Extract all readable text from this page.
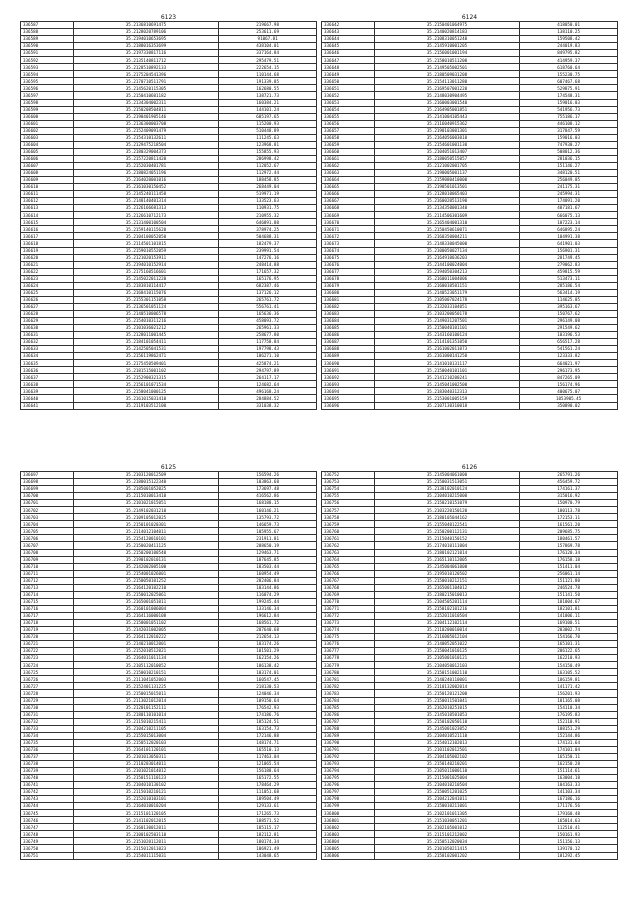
6123
336587	35.2136810691475	219667.98
336588	35.2128020789106	253611.69
336589	35.2194010653695	91067.81
336590	35.2188016353699	438104.01
336591	35.2197330817116	337164.84
336592	35.2135140811712	295479.51
336593	35.2128510892133	222654.15
336594	35.2175204541396	110144.68
336595	35.2170710511791	191339.85
336596	35.2145620115305	162680.55
336597	35.2150410601182	138721.73
336598	35.2134304002311	160384.21
336599	35.2150208504811	144101.24
336600	35.2190401905146	605197.65
336601	35.2136300003708	115200.93
336602	35.2152409091479	510448.89
336603	35.2154310132611	111245.63
336604	35.2129475218504	123968.81
336605	35.2180329004373	155855.93
336606	35.2157220811420	286998.42
336607	35.2152030401781	112052.67
336608	35.2180824051196	112972.44
336609	35.2164020001016	188458.85
336610	35.2161030150452	268449.04
336611	35.2145240111458	519971.19
336612	35.2148140401314	133523.63
336613	35.2126166681313	110931.75
336614	35.2126610712173	210955.32
336615	35.2131400100504	646891.88
336616	35.2159140115620	378974.25
336617	35.2104100052050	504688.31
336618	35.2114501101815	182479.37
336619	35.2159010552059	239991.54
336620	35.2121020153911	147276.16
336621	35.2194010152914	248414.88
336622	35.2175160516601	171657.32
336623	35.2145022011220	165176.95
336624	35.2183810114417	682387.46
336625	35.2168410115076	137126.12
336626	35.2155301151058	265761.72
336627	35.2136501051124	556761.41
336628	35.2140510006578	165636.36
336629	35.2154010311216	458093.72
336630	35.2101036021212	265961.33
336631	35.2128011001445	258677.80
336632	35.2184101054411	117758.84
336633	35.2142505041531	197798.43
336634	35.2156119862471	106271.10
336635	35.2175450509401	425874.21
336636	35.2181515001102	294797.89
336637	35.2152900321315	264117.17
336638	35.2156101071534	124682.64
336639	35.2158041000125	496168.24
336640	35.2161015031410	284884.52
336641	35.2119103512100	331038.32
6124
336642	35.2150401064975	418050.01
336643	35.2140020814183	138110.25
336644	35.2108310051240	159508.42
336645	35.2145910001205	244019.83
336646	35.2156001001194	849795.82
336647	35.2158010511200	414959.37
336648	35.2149505002501	618760.64
336649	35.2180509031208	155230.75
336650	35.2154113011280	607467.68
336651	35.2169507001220	529875.91
336652	35.2148030904495	174548.31
336653	35.2160003001540	159016.03
336654	35.2164905001851	541956.73
336655	35.2141004105443	755186.17
336656	35.2116040915362	446108.12
336657	35.2190103001301	317847.59
336658	35.2164056003010	159016.03
336659	35.2154601001130	747930.27
336660	35.2104051013407	508012.36
336661	35.2180050515057	281036.15
336662	35.2121002001705	151146.27
336663	35.2190005001137	348120.51
336664	35.2159080410000	256049.05
336665	35.2190501013501	241175.31
336666	35.2128010065403	245994.31
336667	35.2160020513190	174091.20
336668	35.2134350001340	407181.67
336669	35.2114506301609	666075.13
336670	35.2165404001310	107223.14
336671	35.2150450610071	646895.24
336672	35.2160350004211	104991.38
336673	35.2148330045000	641901.03
336674	35.2100050027134	156901.31
336675	35.2164910036203	281749.45
336676	35.2144100024004	279062.83
336677	35.2194050304213	459815.59
336678	35.2160011004006	513473.11
336679	35.2160010501151	285186.54
336680	35.2140523051179	563414.19
336681	35.2105007024178	114625.05
336682	35.2132033104051	395163.67
336683	35.2103200050178	150767.62
336684	35.2149031207501	296149.08
336685	35.2150040101101	291549.62
336686	35.2143160100124	103196.53
336687	35.2114101351050	656517.28
336688	35.2161002011073	541561.24
336689	35.2161000141250	123333.82
336690	35.2141010131117	664021.97
336691	35.2150040101101	296173.95
336692	35.2141210200241	847265.09
336693	35.2145041002500	156174.96
336694	35.2183040312313	400675.07
336695	35.2153001005159	1053905.45
336696	35.2107130310018	350890.02
6125
336697	35.2103120012509	156594.26
336698	35.2180015122340	103863.68
336699	35.2185001052025	173697.48
336700	35.2115010013410	416562.86
336701	35.2101021015051	168188.15
336702	35.2149102031210	160146.21
336703	35.2109105012025	135793.72
336704	35.2150101020301	146659.73
336705	35.2114012104011	105955.67
336706	35.2154120010101	231911.81
336707	35.2150020411125	208650.19
336708	35.2150200100540	129463.71
336709	35.2190102010131	187645.85
336710	35.2142002005100	183503.44
336711	35.2154001026001	160954.49
336712	35.2150050101252	282406.84
336713	35.2164120102210	103144.86
336714	35.2150012025061	116074.29
336715	35.2165001051011	199245.44
336716	35.2160101006004	133146.34
336717	35.2164116000108	196612.84
336718	35.2150001051102	168561.72
336719	35.2142031002005	207640.68
336720	35.2164112010222	212654.13
336721	35.2140210012001	103174.26
336722	35.2152010512021	101501.29
336723	35.2164011011134	162154.26
336724	35.2105112010052	106138.42
336725	35.2150010210151	103174.01
336726	35.2111041052003	160547.45
336727	35.2152401131225	218130.53
336728	35.2150015015011	124046.34
336729	35.2113021012014	109150.64
336730	35.2120101152111	176542.93
336731	35.2180110101014	174186.76
336732	35.2115010215411	185124.51
336733	35.2104210211105	163154.73
336734	35.2155015013004	172146.88
336735	35.2150512020103	148174.71
336736	35.2164101120101	165510.13
336737	35.2101013050311	117463.04
336738	35.2110203014011	121065.54
336739	35.2101021014012	156188.64
336740	35.2150151110123	165172.55
336741	35.2104010130102	178464.29
336742	35.2115010210121	111051.68
336743	35.2152010103101	109504.49
336744	35.2164010010204	129133.61
336745	35.2115101120105	171265.73
336746	35.2141102012015	188571.52
336747	35.2160130012011	185115.17
336748	35.2100102503110	182112.81
336749	35.2151020112011	180174.34
336750	35.2115012011023	106921.49
336751	35.2154011115031	143048.65
6126
336752	35.2145004061000	265791.26
336753	35.2150031513051	456459.72
336754	35.2130102010124	174161.37
336755	35.2104010215000	315016.92
336756	35.2150210151079	150970.79
336757	35.2103220150120	180113.78
336758	35.2180105044162	172153.11
336759	35.2155040122541	161561.20
336760	35.2150200112131	209685.75
336761	35.2115040150152	180461.57
336762	35.2174010111004	157869.78
336763	35.2180102121014	176120.34
336764	35.2165110112005	176158.18
336765	35.2145004061000	151411.04
336766	35.2195010120502	256061.14
336767	35.2150010212151	151121.80
336768	35.2165001104012	246524.78
336769	35.2180215010013	151141.50
336770	35.2104505201114	181004.67
336771	35.2150102101216	182101.81
336772	35.2152011010504	141006.11
336773	35.2104112102114	169100.51
336774	35.2110200010014	203002.74
336775	35.2116005012104	154166.70
336776	35.2140052051022	165101.31
336777	35.2150041010125	206122.65
336778	35.2105001010121	162210.93
336779	35.2104050012103	154150.49
336780	35.2150151002110	163105.52
336781	35.2140240110001	186159.81
336782	35.2110132002014	141171.42
336783	35.2150120121200	156201.93
336784	35.2150011501041	181165.08
336785	35.2162010251015	154110.34
336786	35.2145010501053	176195.83
336787	35.2150102050110	152110.91
336788	35.2145001023052	108151.29
336789	35.2104010521110	152144.86
336790	35.2154012102013	174131.64
336791	35.2101102012501	174101.04
336792	35.2104105002102	165150.11
336793	35.2150140210201	162150.28
336794	35.2105011000110	151114.61
336795	35.2115001025004	163004.18
336796	35.2104010210504	104163.33
336797	35.2150051201025	141103.34
336798	35.2104212041011	167186.16
336799	35.2150010211001	171176.56
336800	35.2102101011305	179160.48
336801	35.2151030051201	165014.63
336802	35.2102105001012	112510.41
336803	35.2115101212002	150161.93
336804	35.2150512020034	151156.13
336805	35.2101050211415	139170.12
336806	35.2150102001202	101292.45
